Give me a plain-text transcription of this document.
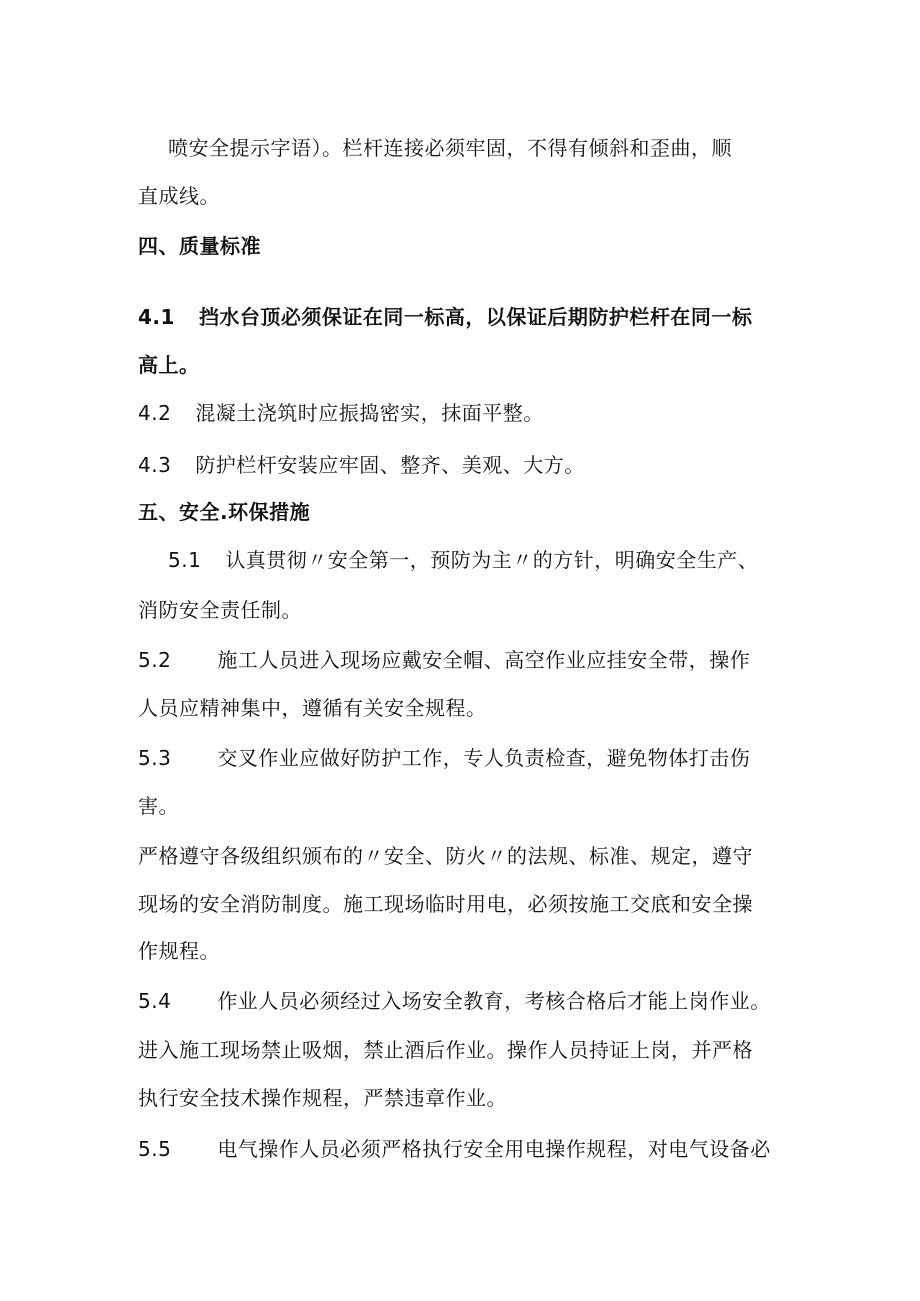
喷安全提示字语）。栏杆连接必须牢固，不得有倾斜和歪曲，顺
直成线。
四、质量标准
4.1 挡水台顶必须保证在同一标高，以保证后期防护栏杆在同一标
高上。
4.2 混凝土浇筑时应振捣密实，抹面平整。
4.3 防护栏杆安装应牢固、整齐、美观、大方。
五、安全.环保措施
5.1 认真贯彻〃安全第一，预防为主〃的方针，明确安全生产、
消防安全责任制。
5.2 施工人员进入现场应戴安全帽、高空作业应挂安全带，操作
人员应精神集中，遵循有关安全规程。
5.3 交叉作业应做好防护工作，专人负责检查，避免物体打击伤
害。
严格遵守各级组织颁布的〃安全、防火〃的法规、标准、规定，遵守
现场的安全消防制度。施工现场临时用电，必须按施工交底和安全操
作规程。
5.4 作业人员必须经过入场安全教育，考核合格后才能上岗作业。
进入施工现场禁止吸烟，禁止酒后作业。操作人员持证上岗，并严格
执行安全技术操作规程，严禁违章作业。
5.5 电气操作人员必须严格执行安全用电操作规程，对电气设备必
